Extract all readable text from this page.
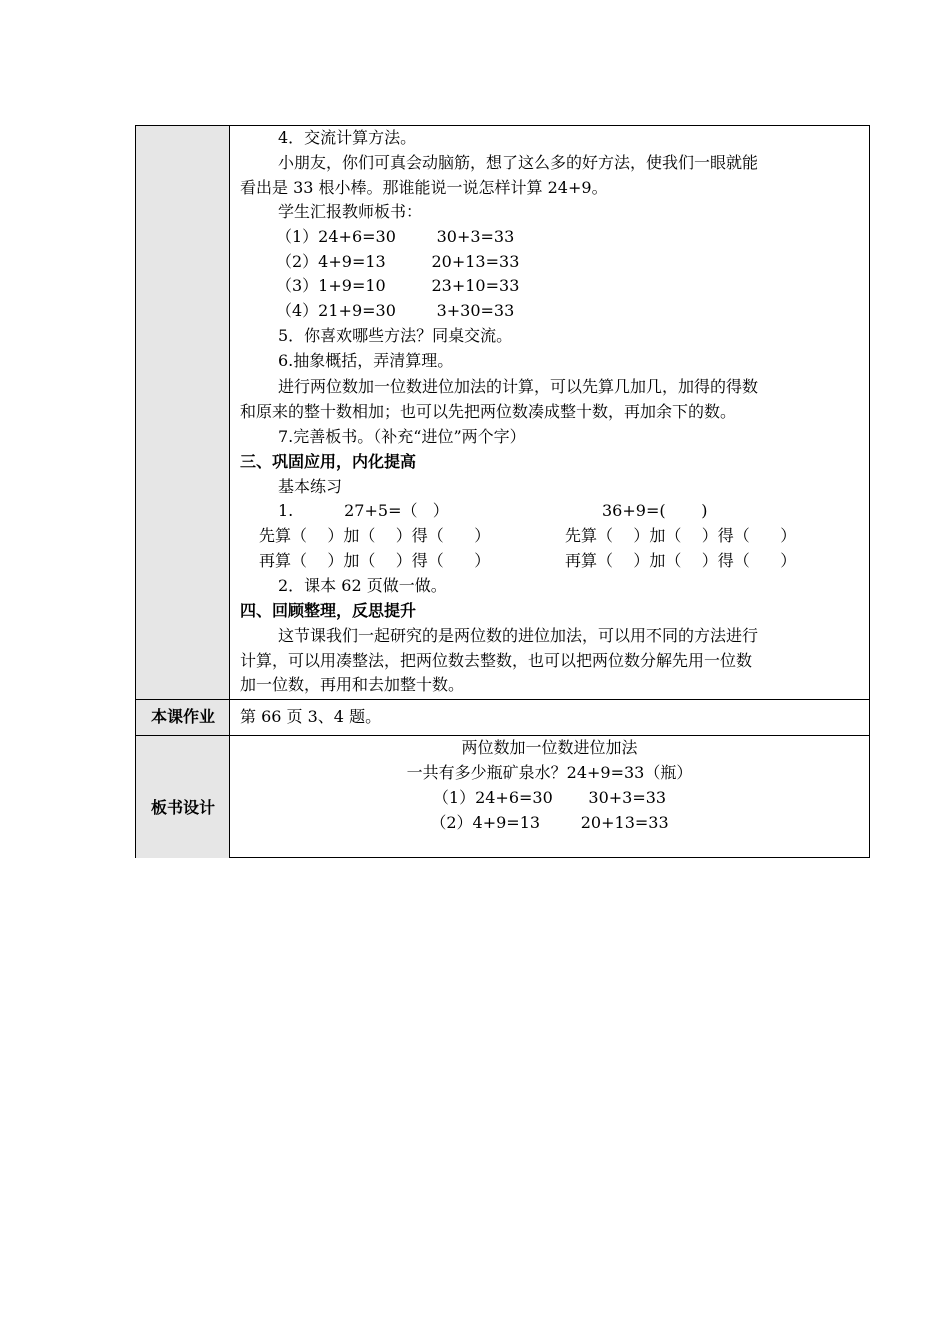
4．交流计算方法。
小朋友，你们可真会动脑筋，想了这么多的好方法，使我们一眼就能
看出是 33 根小棒。那谁能说一说怎样计算 24+9。
学生汇报教师板书：
（1）24+6=30        30+3=33
（2）4+9=13         20+13=33
（3）1+9=10         23+10=33
（4）21+9=30        3+30=33
5．你喜欢哪些方法？同桌交流。
6.抽象概括，弄清算理。
进行两位数加一位数进位加法的计算，可以先算几加几，加得的得数
和原来的整十数相加；也可以先把两位数凑成整十数，再加余下的数。
7.完善板书。（补充“进位”两个字）
三、巩固应用，内化提高
基本练习
1.          27+5=（   ）	36+9=(       )
先算（    ）加（    ）得（      ）	先算（    ）加（    ）得（      ）
再算（    ）加（    ）得（      ）	再算（    ）加（    ）得（      ）
2．课本 62 页做一做。
四、回顾整理，反思提升
这节课我们一起研究的是两位数的进位加法，可以用不同的方法进行
计算，可以用凑整法，把两位数去整数，也可以把两位数分解先用一位数
加一位数，再用和去加整十数。
本课作业	第 66 页 3、4 题。
板书设计
两位数加一位数进位加法
一共有多少瓶矿泉水？24+9=33（瓶）
（1）24+6=30       30+3=33
（2）4+9=13        20+13=33
